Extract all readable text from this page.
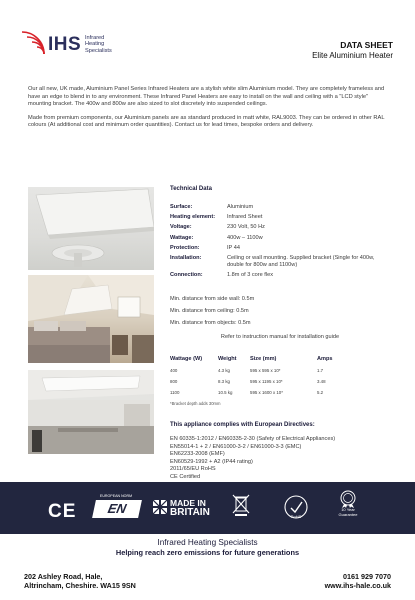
IHS Infrared
Heating
Specialists
DATA SHEET
Elite Aluminium Heater

Our all new, UK made, Aluminium Panel Series Infrared Heaters are a stylish white slim Aluminium model. They are completely frameless and have an edge to blend in to any environment. These Infrared Panel Heaters are easy to install on the wall and ceiling with a "LCD style" mounting bracket. The 400w and 800w are also sized to slot discretely into suspended ceilings.

Made from premium components, our Aluminium panels are as standard produced in matt white, RAL9003. They can be ordered in other RAL colours (At additional cost and minimum order quantities). Contact us for lead times, bespoke orders and delivery.

Technical Data
Surface:	Aluminium
Heating element:	Infrared Sheet
Voltage:	230 Volt, 50 Hz
Wattage:	400w – 1100w
Protection:	IP 44
Installation:	Ceiling or wall mounting. Supplied bracket (Single for 400w, double for 800w and 1100w)
Connection:	1.8m of 3 core flex
Min. distance from side wall: 0.5m
Min. distance from ceiling: 0.5m
Min. distance from objects: 0.5m
Refer to instruction manual for installation guide
Wattage (W)	Weight	Size (mm)	Amps
400	4.3 kg	595 x 595 x 10*	1.7
800	8.3 kg	595 x 1195 x 10*	3.48
1100	10.5 kg	595 x 1600 x 10*	5.2
*Bracket depth adds 30mm
This appliance complies with European Directives:
EN 60335-1:2012 / EN60335-2-30 (Safety of Electrical Appliances)
EN55014-1 + 2 / EN61000-3-2 / EN61000-3-3 (EMC)
EN62233-2008 (EMF)
EN60529-1992 + A2 (IP44 rating)
2011/65/EU RoHS
CE Certified
CE
EUROPEAN NORM
EN	MADE IN
BRITAIN	RoHS
10 Year
Guarantee
Infrared Heating Specialists
Helping reach zero emissions for future generations
202 Ashley Road, Hale,
Altrincham, Cheshire. WA15 9SN
0161 929 7070
www.ihs-hale.co.uk
